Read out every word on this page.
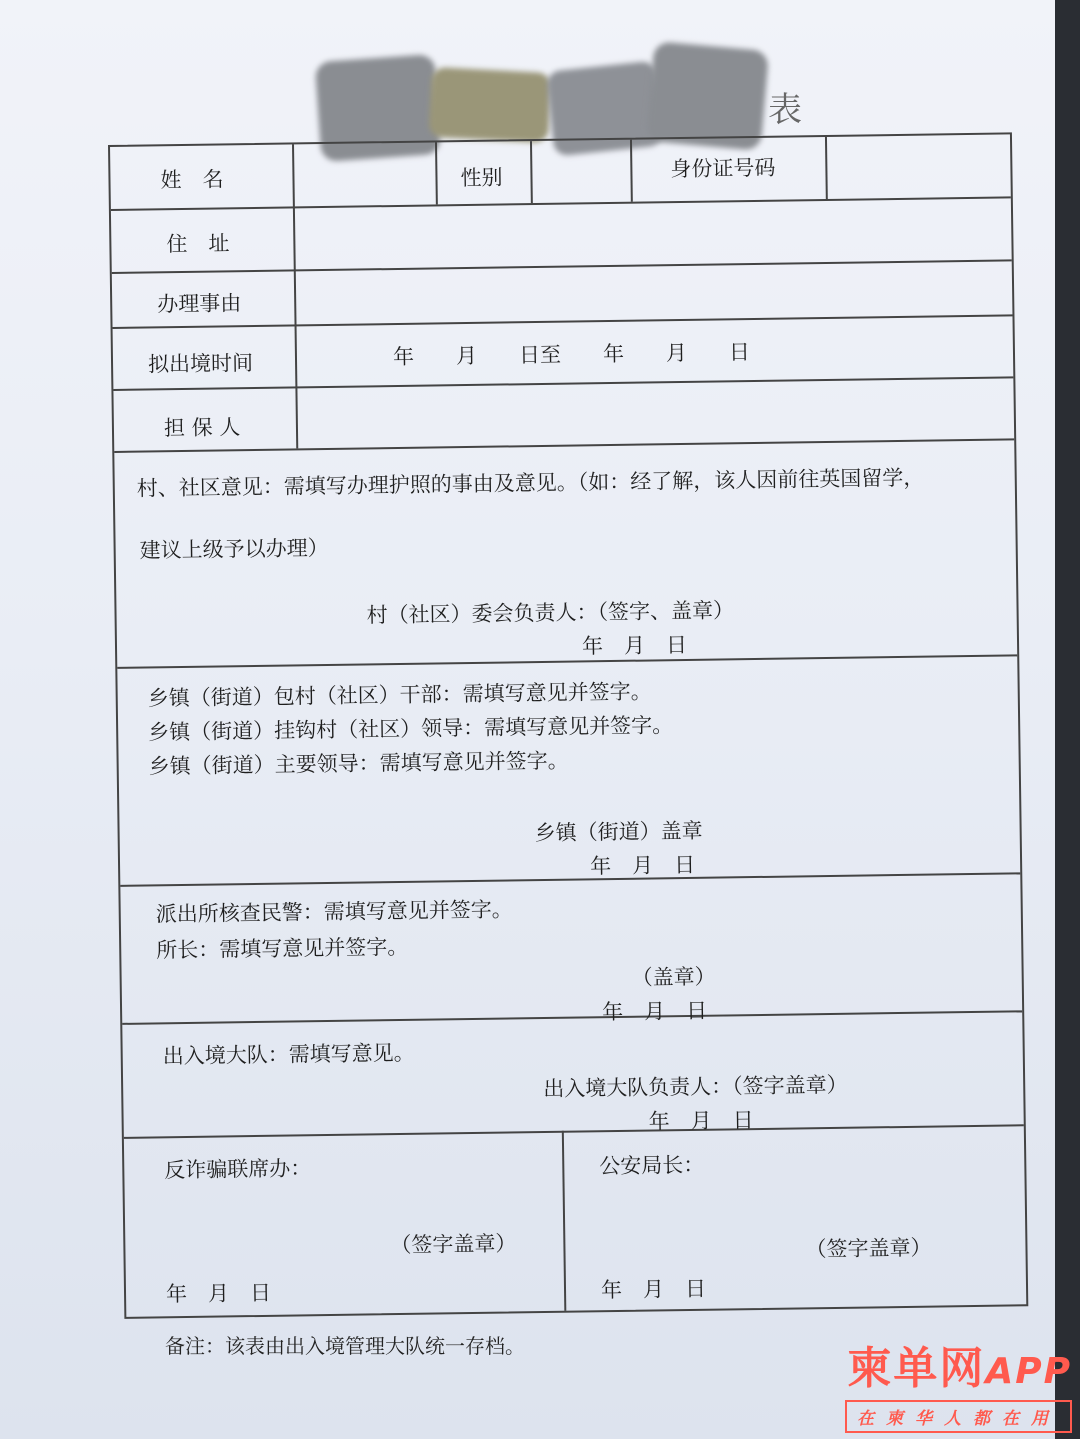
表
姓　名	性别	身份证号码
住　址
办理事由
拟出境时间	年　　月　　日至　　年　　月　　日
担 保 人
村、社区意见：需填写办理护照的事由及意见。（如：经了解，该人因前往英国留学，
建议上级予以办理）
村（社区）委会负责人：（签字、盖章）
年　月　日
乡镇（街道）包村（社区）干部：需填写意见并签字。
乡镇（街道）挂钩村（社区）领导：需填写意见并签字。
乡镇（街道）主要领导：需填写意见并签字。
乡镇（街道）盖章
年　月　日
派出所核查民警：需填写意见并签字。
所长：需填写意见并签字。
（盖章）
年　月　日
出入境大队：需填写意见。
出入境大队负责人：（签字盖章）
年　月　日
反诈骗联席办：
（签字盖章）
年　月　日
公安局长：
（签字盖章）
年　月　日
备注：该表由出入境管理大队统一存档。	柬单网APP
在柬华人都在用
